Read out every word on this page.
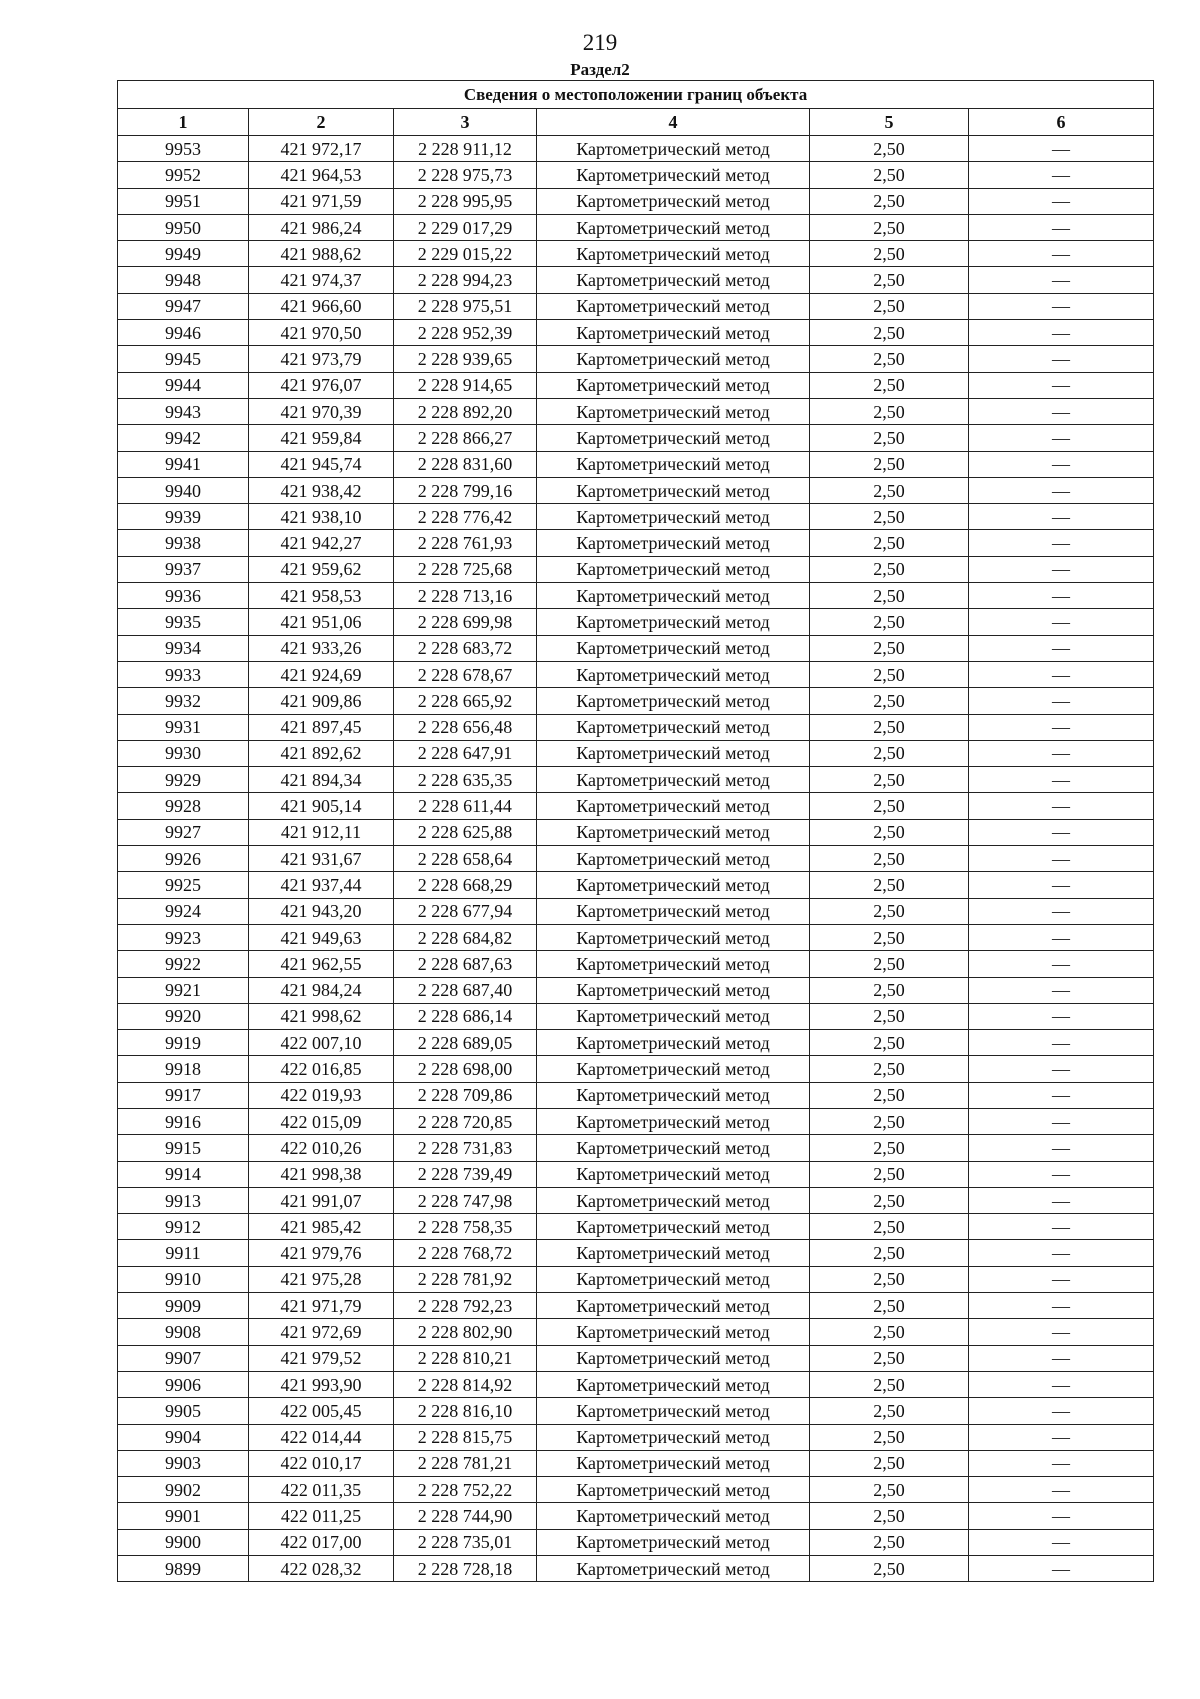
219
Раздел2
Сведения о местоположении границ объекта					
1	2	3	4	5	6
9953	421 972,17	2 228 911,12	Картометрический метод	2,50	—
9952	421 964,53	2 228 975,73	Картометрический метод	2,50	—
9951	421 971,59	2 228 995,95	Картометрический метод	2,50	—
9950	421 986,24	2 229 017,29	Картометрический метод	2,50	—
9949	421 988,62	2 229 015,22	Картометрический метод	2,50	—
9948	421 974,37	2 228 994,23	Картометрический метод	2,50	—
9947	421 966,60	2 228 975,51	Картометрический метод	2,50	—
9946	421 970,50	2 228 952,39	Картометрический метод	2,50	—
9945	421 973,79	2 228 939,65	Картометрический метод	2,50	—
9944	421 976,07	2 228 914,65	Картометрический метод	2,50	—
9943	421 970,39	2 228 892,20	Картометрический метод	2,50	—
9942	421 959,84	2 228 866,27	Картометрический метод	2,50	—
9941	421 945,74	2 228 831,60	Картометрический метод	2,50	—
9940	421 938,42	2 228 799,16	Картометрический метод	2,50	—
9939	421 938,10	2 228 776,42	Картометрический метод	2,50	—
9938	421 942,27	2 228 761,93	Картометрический метод	2,50	—
9937	421 959,62	2 228 725,68	Картометрический метод	2,50	—
9936	421 958,53	2 228 713,16	Картометрический метод	2,50	—
9935	421 951,06	2 228 699,98	Картометрический метод	2,50	—
9934	421 933,26	2 228 683,72	Картометрический метод	2,50	—
9933	421 924,69	2 228 678,67	Картометрический метод	2,50	—
9932	421 909,86	2 228 665,92	Картометрический метод	2,50	—
9931	421 897,45	2 228 656,48	Картометрический метод	2,50	—
9930	421 892,62	2 228 647,91	Картометрический метод	2,50	—
9929	421 894,34	2 228 635,35	Картометрический метод	2,50	—
9928	421 905,14	2 228 611,44	Картометрический метод	2,50	—
9927	421 912,11	2 228 625,88	Картометрический метод	2,50	—
9926	421 931,67	2 228 658,64	Картометрический метод	2,50	—
9925	421 937,44	2 228 668,29	Картометрический метод	2,50	—
9924	421 943,20	2 228 677,94	Картометрический метод	2,50	—
9923	421 949,63	2 228 684,82	Картометрический метод	2,50	—
9922	421 962,55	2 228 687,63	Картометрический метод	2,50	—
9921	421 984,24	2 228 687,40	Картометрический метод	2,50	—
9920	421 998,62	2 228 686,14	Картометрический метод	2,50	—
9919	422 007,10	2 228 689,05	Картометрический метод	2,50	—
9918	422 016,85	2 228 698,00	Картометрический метод	2,50	—
9917	422 019,93	2 228 709,86	Картометрический метод	2,50	—
9916	422 015,09	2 228 720,85	Картометрический метод	2,50	—
9915	422 010,26	2 228 731,83	Картометрический метод	2,50	—
9914	421 998,38	2 228 739,49	Картометрический метод	2,50	—
9913	421 991,07	2 228 747,98	Картометрический метод	2,50	—
9912	421 985,42	2 228 758,35	Картометрический метод	2,50	—
9911	421 979,76	2 228 768,72	Картометрический метод	2,50	—
9910	421 975,28	2 228 781,92	Картометрический метод	2,50	—
9909	421 971,79	2 228 792,23	Картометрический метод	2,50	—
9908	421 972,69	2 228 802,90	Картометрический метод	2,50	—
9907	421 979,52	2 228 810,21	Картометрический метод	2,50	—
9906	421 993,90	2 228 814,92	Картометрический метод	2,50	—
9905	422 005,45	2 228 816,10	Картометрический метод	2,50	—
9904	422 014,44	2 228 815,75	Картометрический метод	2,50	—
9903	422 010,17	2 228 781,21	Картометрический метод	2,50	—
9902	422 011,35	2 228 752,22	Картометрический метод	2,50	—
9901	422 011,25	2 228 744,90	Картометрический метод	2,50	—
9900	422 017,00	2 228 735,01	Картометрический метод	2,50	—
9899	422 028,32	2 228 728,18	Картометрический метод	2,50	—
